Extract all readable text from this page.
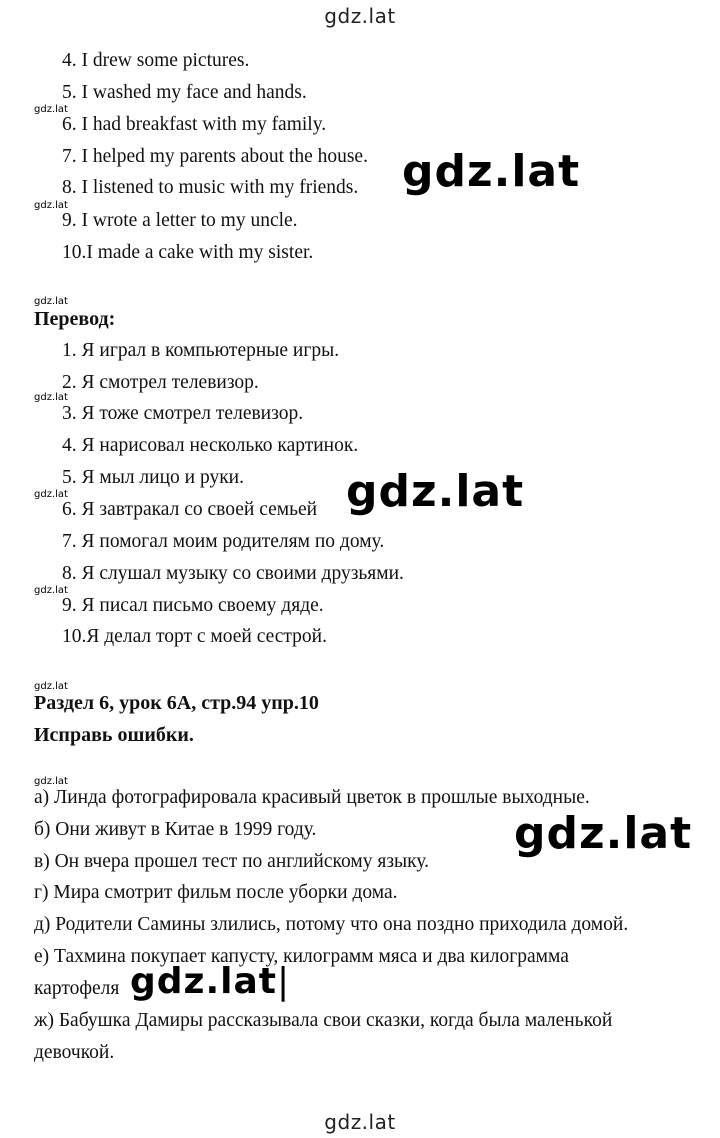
gdz.lat
gdz.lat
4. I drew some pictures.
5. I washed my face and hands.
gdz.lat
6. I had breakfast with my family.
7. I helped my parents about the house. gdz.lat
8. I listened to music with my friends.
gdz.lat
9. I wrote a letter to my uncle.
10.I made a cake with my sister.
gdz.lat
Перевод:
1. Я играл в компьютерные игры.
2. Я смотрел телевизор.
gdz.lat
3. Я тоже смотрел телевизор.
4. Я нарисовал несколько картинок.
5. Я мыл лицо и руки.
gdz.lat	gdz.lat
6. Я завтракал со своей семьей
7. Я помогал моим родителям по дому.
8. Я слушал музыку со своими друзьями.
gdz.lat
9. Я писал письмо своему дяде.
10.Я делал торт с моей сестрой.
gdz.lat
Раздел 6, урок 6А, стр.94 упр.10
Исправь ошибки.
gdz.lat
а) Линда фотографировала красивый цветок в прошлые выходные.
б) Они живут в Китае в 1999 году.	gdz.lat
в) Он вчера прошел тест по английскому языку.
г) Мира смотрит фильм после уборки дома.
д) Родители Самины злились, потому что она поздно приходила домой.
е) Тахмина покупает капусту, килограмм мяса и два килограмма
картофеля gdz.lat|
ж) Бабушка Дамиры рассказывала свои сказки, когда была маленькой
девочкой.
